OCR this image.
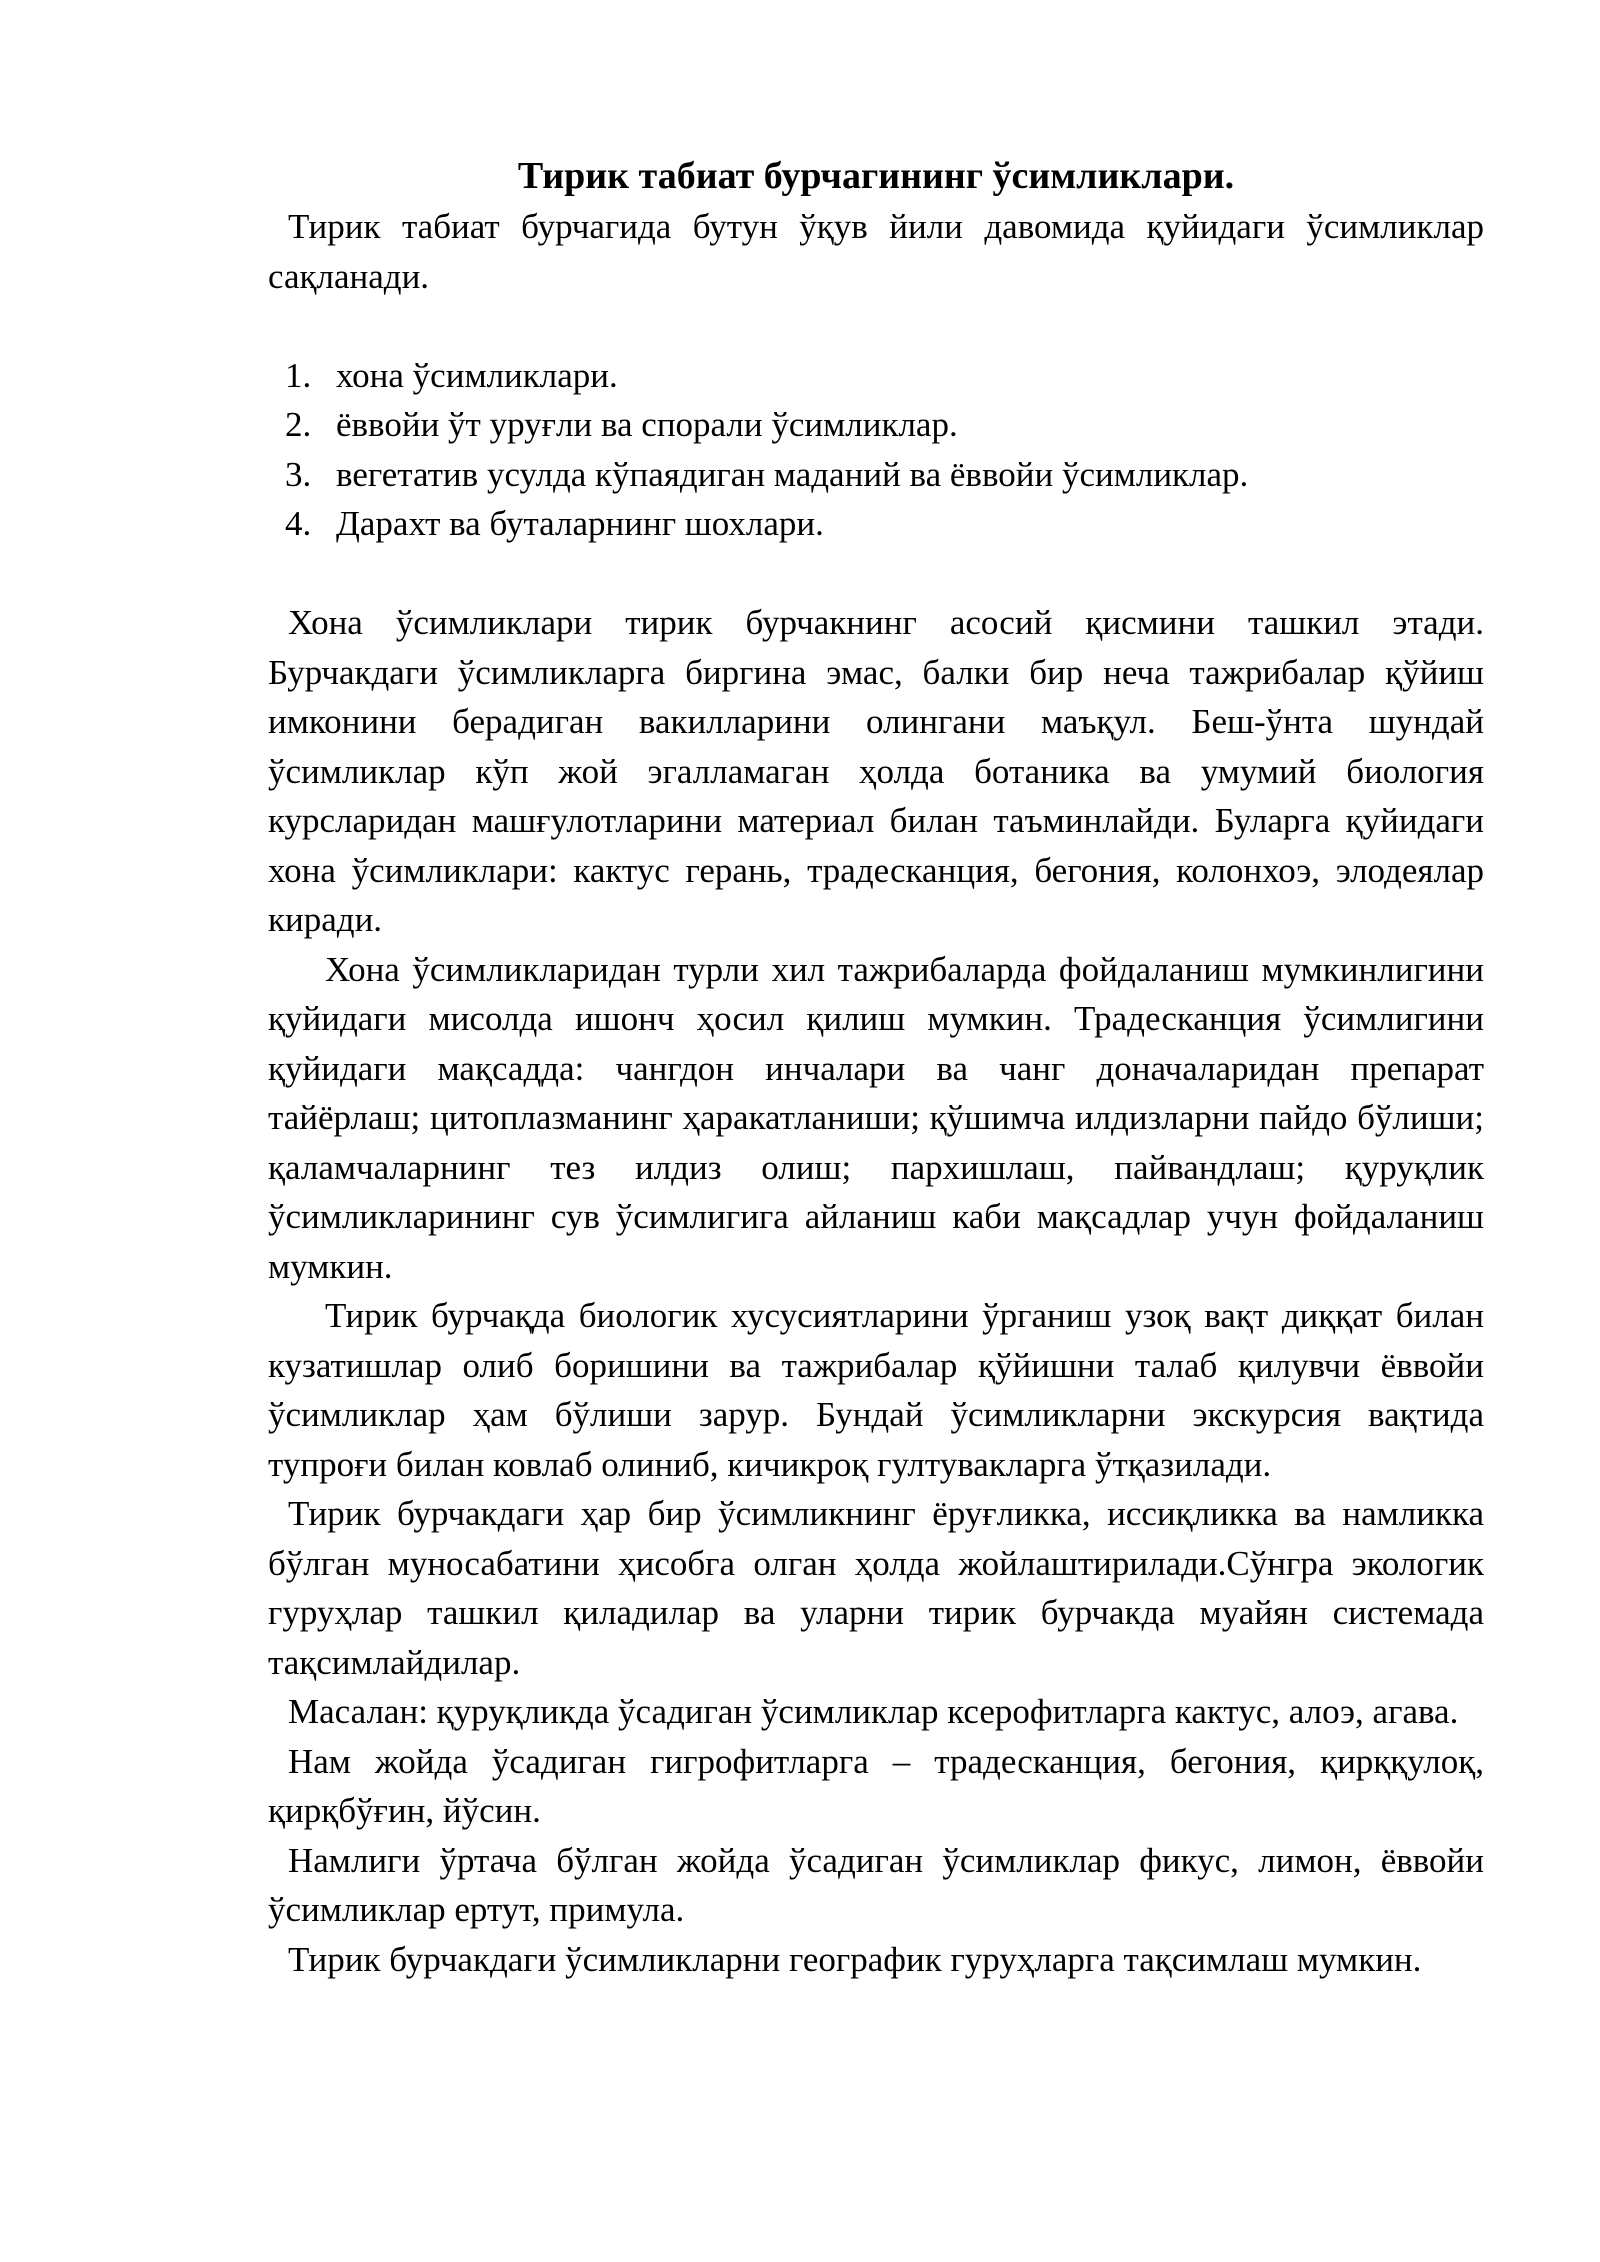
Тирик табиат бурчагининг ўсимликлари.

Тирик табиат бурчагида бутун ўқув йили давомида қуйидаги ўсимликлар сақланади.

1. хона ўсимликлари.
2. ёввойи ўт уруғли ва спорали ўсимликлар.
3. вегетатив усулда кўпаядиган маданий ва ёввойи ўсимликлар.
4. Дарахт ва буталарнинг шохлари.

Хона ўсимликлари тирик бурчакнинг асосий қисмини ташкил этади. Бурчакдаги ўсимликларга биргина эмас, балки бир неча тажрибалар қўйиш имконини берадиган вакилларини олингани маъқул. Беш-ўнта шундай ўсимликлар кўп жой эгалламаган ҳолда ботаника ва умумий биология курсларидан машғулотларини материал билан таъминлайди. Буларга қуйидаги хона ўсимликлари: кактус герань, традесканция, бегония, колонхоэ, элодеялар киради.

Хона ўсимликларидан турли хил тажрибаларда фойдаланиш мумкинлигини қуйидаги мисолда ишонч ҳосил қилиш мумкин. Традесканция ўсимлигини қуйидаги мақсадда: чангдон инчалари ва чанг доначаларидан препарат тайёрлаш; цитоплазманинг ҳаракатланиши; қўшимча илдизларни пайдо бўлиши; қаламчаларнинг тез илдиз олиш; пархишлаш, пайвандлаш; қуруқлик ўсимликларининг сув ўсимлигига айланиш каби мақсадлар учун фойдаланиш мумкин.

Тирик бурчақда биологик хусусиятларини ўрганиш узоқ вақт диққат билан кузатишлар олиб боришини ва тажрибалар қўйишни талаб қилувчи ёввойи ўсимликлар ҳам бўлиши зарур. Бундай ўсимликларни экскурсия вақтида тупроғи билан ковлаб олиниб, кичикроқ гултувакларга ўтқазилади.

Тирик бурчакдаги ҳар бир ўсимликнинг ёруғликка, иссиқликка ва намликка бўлган муносабатини ҳисобга олган ҳолда жойлаштирилади.Сўнгра экологик гуруҳлар ташкил қиладилар ва уларни тирик бурчакда муайян системада тақсимлайдилар.

Масалан: қуруқликда ўсадиган ўсимликлар ксерофитларга кактус, алоэ, агава.

Нам жойда ўсадиган гигрофитларга – традесканция, бегония, қирққулоқ, қирқбўғин, йўсин.

Намлиги ўртача бўлган жойда ўсадиган ўсимликлар фикус, лимон, ёввойи ўсимликлар ертут, примула.

Тирик бурчакдаги ўсимликларни географик гуруҳларга тақсимлаш мумкин.
